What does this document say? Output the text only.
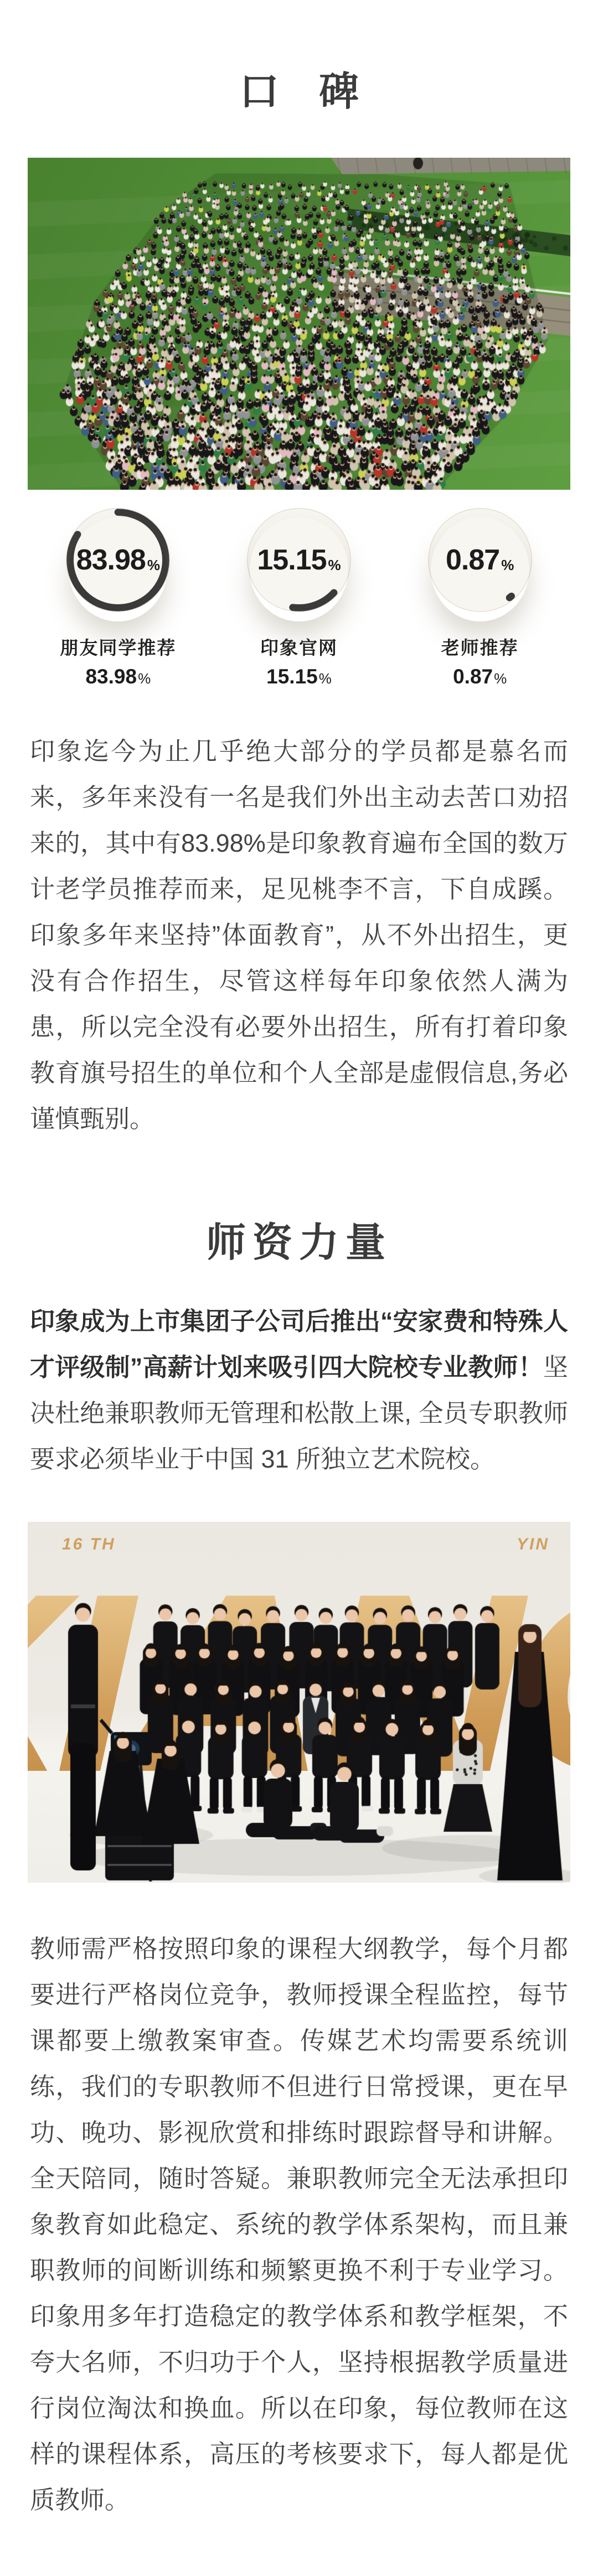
口　碑
83.98 %
朋友同学推荐
83.98 %
15.15 %
印象官网
15.15 %
0.87 %
老师推荐
0.87 %

印象迄今为止几乎绝大部分的学员都是慕名而来，多年来没有一名是我们外出主动去苦口劝招来的，其中有83.98%是印象教育遍布全国的数万计老学员推荐而来，足见桃李不言，下自成蹊。印象多年来坚持”体面教育”，从不外出招生，更没有合作招生，尽管这样每年印象依然人满为患，所以完全没有必要外出招生，所有打着印象教育旗号招生的单位和个人全部是虚假信息,务必谨慎甄别。

师资力量

印象成为上市集团子公司后推出“安家费和特殊人才评级制”高薪计划来吸引四大院校专业教师！坚决杜绝兼职教师无管理和松散上课, 全员专职教师要求必须毕业于中国 31 所独立艺术院校。

教师需严格按照印象的课程大纲教学，每个月都要进行严格岗位竞争，教师授课全程监控，每节课都要上缴教案审查。传媒艺术均需要系统训练，我们的专职教师不但进行日常授课，更在早功、晚功、影视欣赏和排练时跟踪督导和讲解。全天陪同，随时答疑。兼职教师完全无法承担印象教育如此稳定、系统的教学体系架构，而且兼职教师的间断训练和频繁更换不利于专业学习。印象用多年打造稳定的教学体系和教学框架，不夸大名师，不归功于个人，坚持根据教学质量进行岗位淘汰和换血。所以在印象，每位教师在这样的课程体系，高压的考核要求下，每人都是优质教师。
